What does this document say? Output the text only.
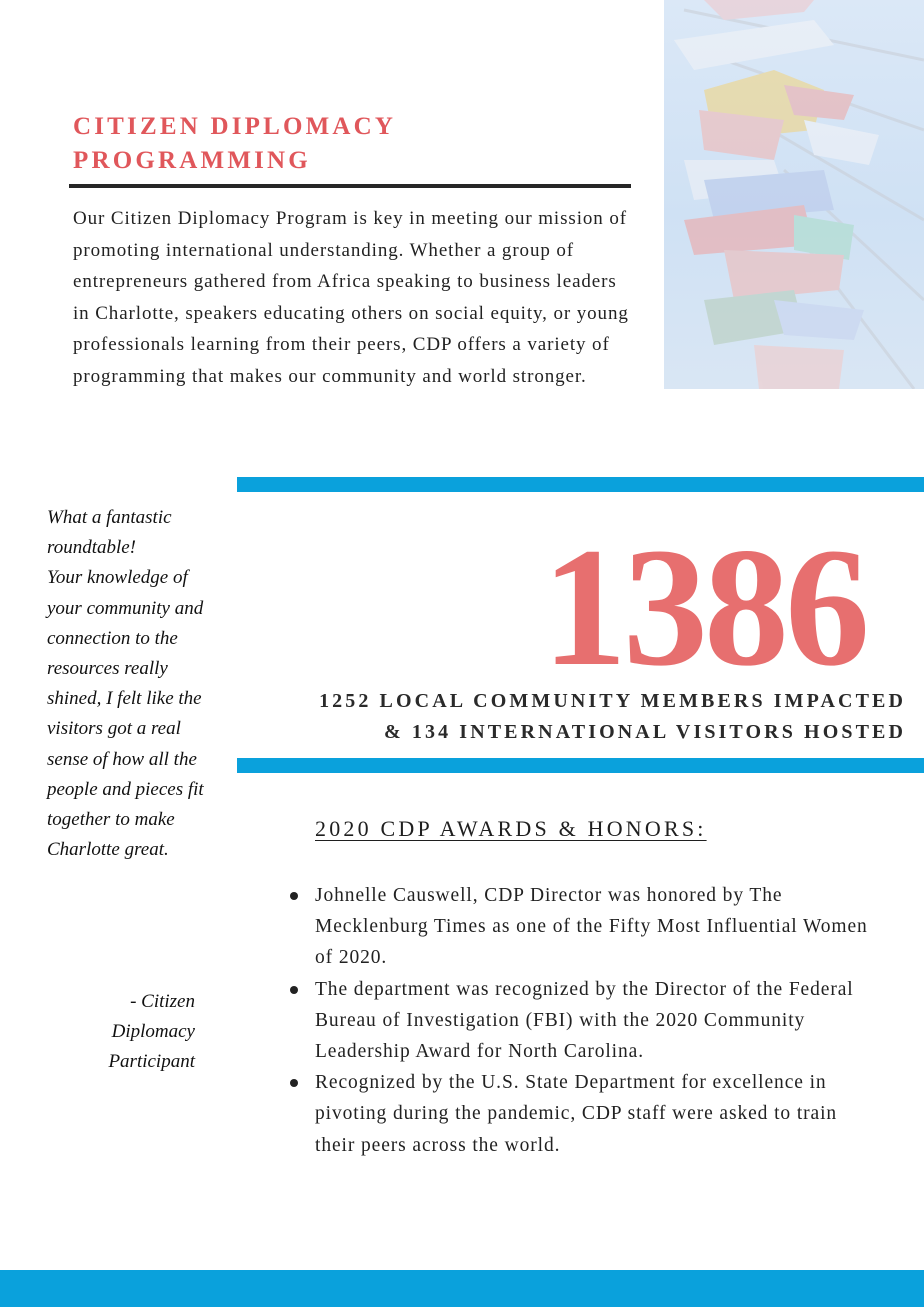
CITIZEN DIPLOMACY
PROGRAMMING

Our Citizen Diplomacy Program is key in meeting our mission of promoting international understanding. Whether a group of entrepreneurs gathered from Africa speaking to business leaders in Charlotte, speakers educating others on social equity, or young professionals learning from their peers, CDP offers a variety of programming that makes our community and world stronger.

What a fantastic roundtable!
Your knowledge of your community and connection to the resources really shined, I felt like the visitors got a real sense of how all the people and pieces fit together to make Charlotte great.

- Citizen Diplomacy Participant

1386

1252 LOCAL COMMUNITY MEMBERS IMPACTED

& 134 INTERNATIONAL VISITORS HOSTED

2020 CDP AWARDS & HONORS:
Johnelle Causwell, CDP Director was honored by The Mecklenburg Times as one of the Fifty Most Influential Women of 2020.
The department was recognized by the Director of the Federal Bureau of Investigation (FBI) with the 2020 Community Leadership Award for North Carolina.
Recognized by the U.S. State Department for excellence in pivoting during the pandemic, CDP staff were asked to train their peers across the world.
